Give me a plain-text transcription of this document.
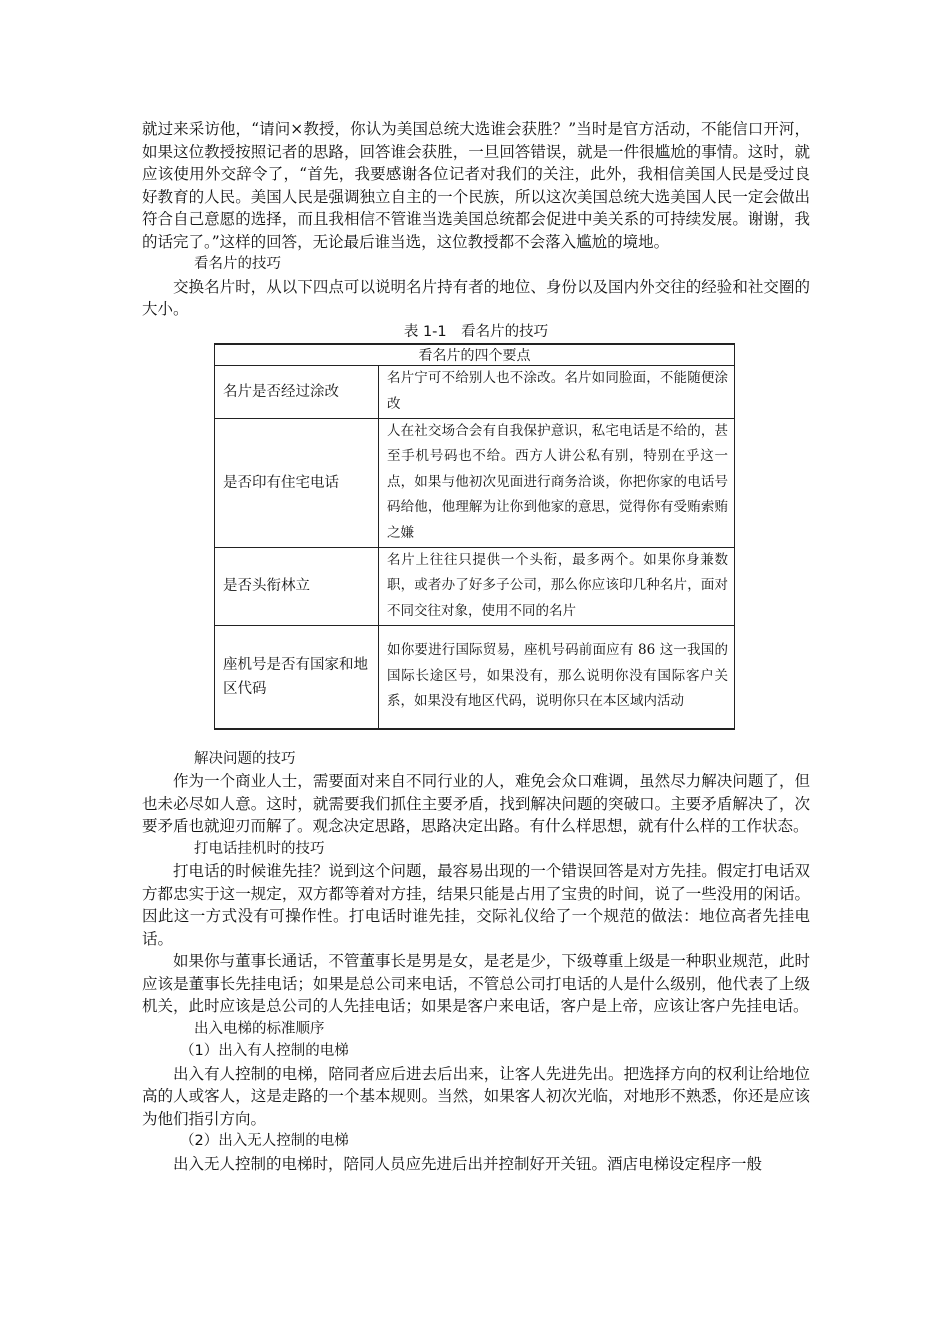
就过来采访他，“请问×教授，你认为美国总统大选谁会获胜？”当时是官方活动，不能信口开河，如果这位教授按照记者的思路，回答谁会获胜，一旦回答错误，就是一件很尴尬的事情。这时，就应该使用外交辞令了，“首先，我要感谢各位记者对我们的关注，此外，我相信美国人民是受过良好教育的人民。美国人民是强调独立自主的一个民族，所以这次美国总统大选美国人民一定会做出符合自己意愿的选择，而且我相信不管谁当选美国总统都会促进中美关系的可持续发展。谢谢，我的话完了。”这样的回答，无论最后谁当选，这位教授都不会落入尴尬的境地。

看名片的技巧

交换名片时，从以下四点可以说明名片持有者的地位、身份以及国内外交往的经验和社交圈的大小。

表 1-1　看名片的技巧
看名片的四个要点	
名片是否经过涂改	名片宁可不给别人也不涂改。名片如同脸面，不能随便涂改
是否印有住宅电话	人在社交场合会有自我保护意识，私宅电话是不给的，甚至手机号码也不给。西方人讲公私有别，特别在乎这一点，如果与他初次见面进行商务洽谈，你把你家的电话号码给他，他理解为让你到他家的意思，觉得你有受贿索贿之嫌
是否头衔林立	名片上往往只提供一个头衔，最多两个。如果你身兼数职，或者办了好多子公司，那么你应该印几种名片，面对不同交往对象，使用不同的名片
座机号是否有国家和地区代码	如你要进行国际贸易，座机号码前面应有 86 这一我国的国际长途区号，如果没有，那么说明你没有国际客户关系，如果没有地区代码，说明你只在本区域内活动
解决问题的技巧

作为一个商业人士，需要面对来自不同行业的人，难免会众口难调，虽然尽力解决问题了，但也未必尽如人意。这时，就需要我们抓住主要矛盾，找到解决问题的突破口。主要矛盾解决了，次要矛盾也就迎刃而解了。观念决定思路，思路决定出路。有什么样思想，就有什么样的工作状态。

打电话挂机时的技巧

打电话的时候谁先挂？说到这个问题，最容易出现的一个错误回答是对方先挂。假定打电话双方都忠实于这一规定，双方都等着对方挂，结果只能是占用了宝贵的时间，说了一些没用的闲话。因此这一方式没有可操作性。打电话时谁先挂，交际礼仪给了一个规范的做法：地位高者先挂电话。

如果你与董事长通话，不管董事长是男是女，是老是少，下级尊重上级是一种职业规范，此时应该是董事长先挂电话；如果是总公司来电话，不管总公司打电话的人是什么级别，他代表了上级机关，此时应该是总公司的人先挂电话；如果是客户来电话，客户是上帝，应该让客户先挂电话。

出入电梯的标准顺序
（1）出入有人控制的电梯

出入有人控制的电梯，陪同者应后进去后出来，让客人先进先出。把选择方向的权利让给地位高的人或客人，这是走路的一个基本规则。当然，如果客人初次光临，对地形不熟悉，你还是应该为他们指引方向。

（2）出入无人控制的电梯

出入无人控制的电梯时，陪同人员应先进后出并控制好开关钮。酒店电梯设定程序一般
